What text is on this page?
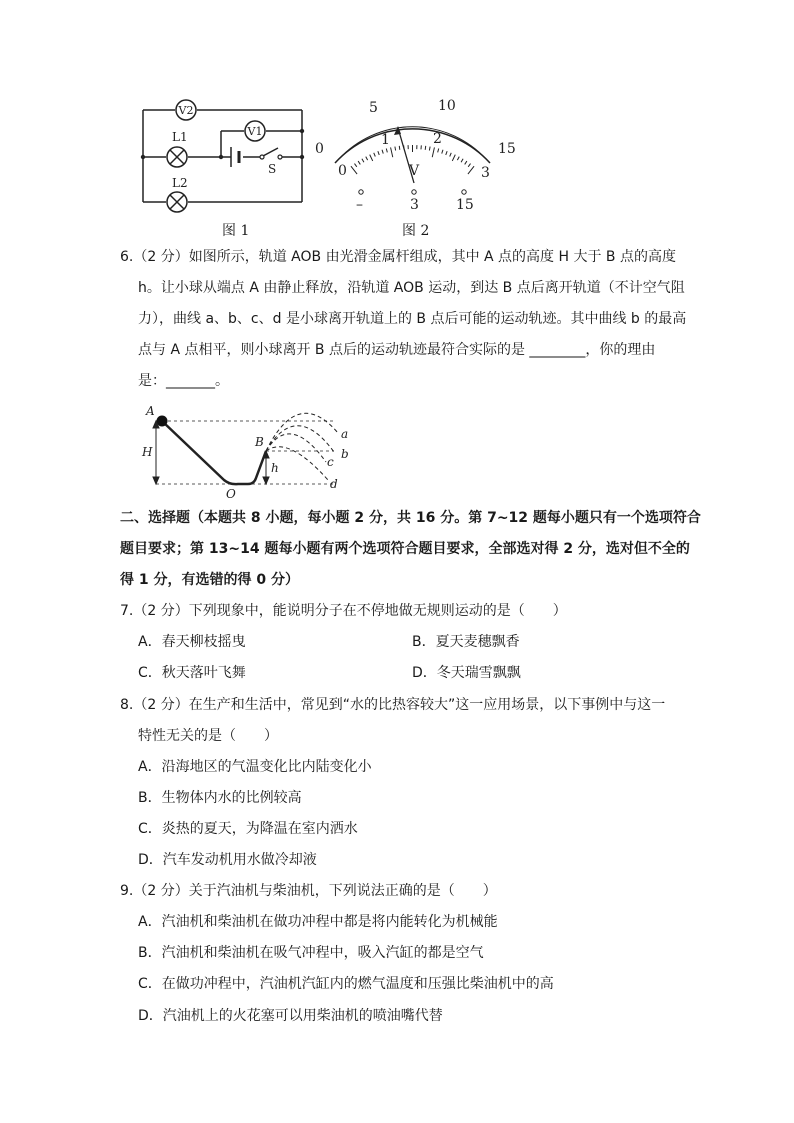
V2
V1
L1
L2
S
图 1
0
5	10
15
0
1	2
3
V
–	3	15
图 2
6.（2 分）如图所示，轨道 AOB 由光滑金属杆组成，其中 A 点的高度 H 大于 B 点的高度
h。让小球从端点 A 由静止释放，沿轨道 AOB 运动，到达 B 点后离开轨道（不计空气阻
力），曲线 a、b、c、d 是小球离开轨道上的 B 点后可能的运动轨迹。其中曲线 b 的最高
点与 A 点相平，则小球离开 B 点后的运动轨迹最符合实际的是 ________，你的理由
是：_______。
A
B
O
H
h
a
b
c
d
二、选择题（本题共 8 小题，每小题 2 分，共 16 分。第 7~12 题每小题只有一个选项符合
题目要求；第 13~14 题每小题有两个选项符合题目要求，全部选对得 2 分，选对但不全的
得 1 分，有选错的得 0 分）
7.（2 分）下列现象中，能说明分子在不停地做无规则运动的是（　　）
A．春天柳枝摇曳	B．夏天麦穗飘香
C．秋天落叶飞舞	D．冬天瑞雪飘飘
8.（2 分）在生产和生活中，常见到“水的比热容较大”这一应用场景，以下事例中与这一
特性无关的是（　　）
A．沿海地区的气温变化比内陆变化小
B．生物体内水的比例较高
C．炎热的夏天，为降温在室内洒水
D．汽车发动机用水做冷却液
9.（2 分）关于汽油机与柴油机，下列说法正确的是（　　）
A．汽油机和柴油机在做功冲程中都是将内能转化为机械能
B．汽油机和柴油机在吸气冲程中，吸入汽缸的都是空气
C．在做功冲程中，汽油机汽缸内的燃气温度和压强比柴油机中的高
D．汽油机上的火花塞可以用柴油机的喷油嘴代替
